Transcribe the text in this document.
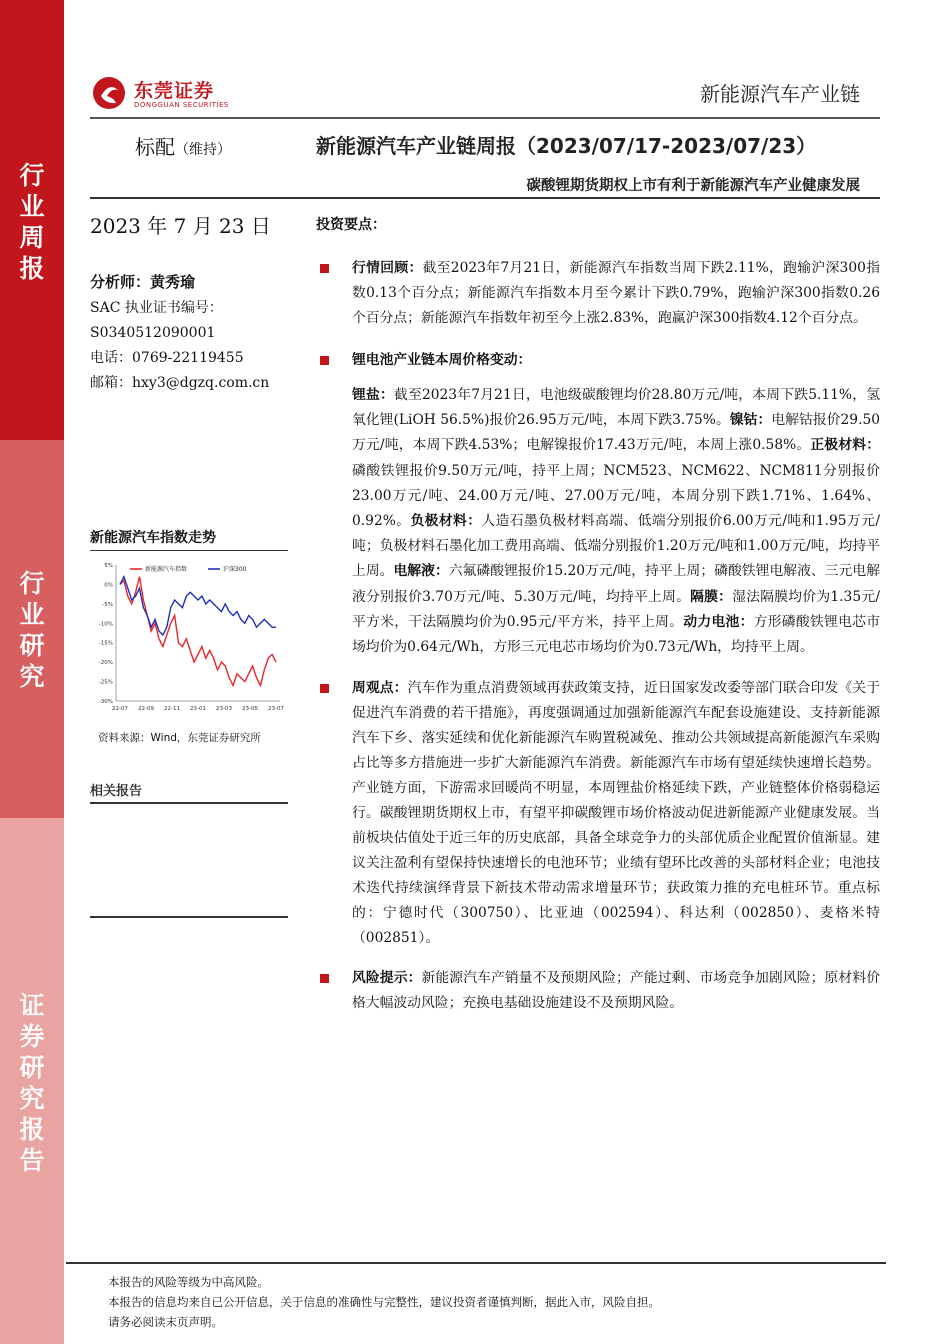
行
业
周
报
行
业
研
究
证
券
研
究
报
告
东莞证券
DONGGUAN SECURITIES	新能源汽车产业链
标配（维持）	新能源汽车产业链周报（2023/07/17-2023/07/23）
碳酸锂期货期权上市有利于新能源汽车产业健康发展
2023 年 7 月 23 日
分析师：黄秀瑜
SAC 执业证书编号：
S0340512090001
电话：0769-22119455
邮箱：hxy3@dgzq.com.cn
新能源汽车指数走势
5%
0%
-5%
-10%
-15%
-20%
-25%
-30%
22-07 22-09 22-11 23-01 23-03 23-05 23-07
新能源汽车指数	沪深300
资料来源：Wind，东莞证券研究所
相关报告
投资要点：
行情回顾：截至2023年7月21日，新能源汽车指数当周下跌2.11%，跑输沪深300指数0.13个百分点；新能源汽车指数本月至今累计下跌0.79%，跑输沪深300指数0.26个百分点；新能源汽车指数年初至今上涨2.83%，跑赢沪深300指数4.12个百分点。
锂电池产业链本周价格变动：
锂盐：截至2023年7月21日，电池级碳酸锂均价28.80万元/吨，本周下跌5.11%，氢氧化锂(LiOH 56.5%)报价26.95万元/吨，本周下跌3.75%。镍钴：电解钴报价29.50万元/吨，本周下跌4.53%；电解镍报价17.43万元/吨，本周上涨0.58%。正极材料：磷酸铁锂报价9.50万元/吨，持平上周；NCM523、NCM622、NCM811分别报价23.00万元/吨、24.00万元/吨、27.00万元/吨，本周分别下跌1.71%、1.64%、0.92%。负极材料：人造石墨负极材料高端、低端分别报价6.00万元/吨和1.95万元/吨；负极材料石墨化加工费用高端、低端分别报价1.20万元/吨和1.00万元/吨，均持平上周。电解液：六氟磷酸锂报价15.20万元/吨，持平上周；磷酸铁锂电解液、三元电解液分别报价3.70万元/吨、5.30万元/吨，均持平上周。隔膜：湿法隔膜均价为1.35元/平方米，干法隔膜均价为0.95元/平方米，持平上周。动力电池：方形磷酸铁锂电芯市场均价为0.64元/Wh，方形三元电芯市场均价为0.73元/Wh，均持平上周。
周观点：汽车作为重点消费领域再获政策支持，近日国家发改委等部门联合印发《关于促进汽车消费的若干措施》，再度强调通过加强新能源汽车配套设施建设、支持新能源汽车下乡、落实延续和优化新能源汽车购置税减免、推动公共领域提高新能源汽车采购占比等多方措施进一步扩大新能源汽车消费。新能源汽车市场有望延续快速增长趋势。产业链方面，下游需求回暖尚不明显，本周锂盐价格延续下跌，产业链整体价格弱稳运行。碳酸锂期货期权上市，有望平抑碳酸锂市场价格波动促进新能源产业健康发展。当前板块估值处于近三年的历史底部，具备全球竞争力的头部优质企业配置价值渐显。建议关注盈利有望保持快速增长的电池环节；业绩有望环比改善的头部材料企业；电池技术迭代持续演绎背景下新技术带动需求增量环节；获政策力推的充电桩环节。重点标的：宁德时代（300750）、比亚迪（002594）、科达利（002850）、麦格米特（002851）。
风险提示：新能源汽车产销量不及预期风险；产能过剩、市场竞争加剧风险；原材料价格大幅波动风险；充换电基础设施建设不及预期风险。
本报告的风险等级为中高风险。
本报告的信息均来自已公开信息，关于信息的准确性与完整性，建议投资者谨慎判断，据此入市，风险自担。
请务必阅读末页声明。
